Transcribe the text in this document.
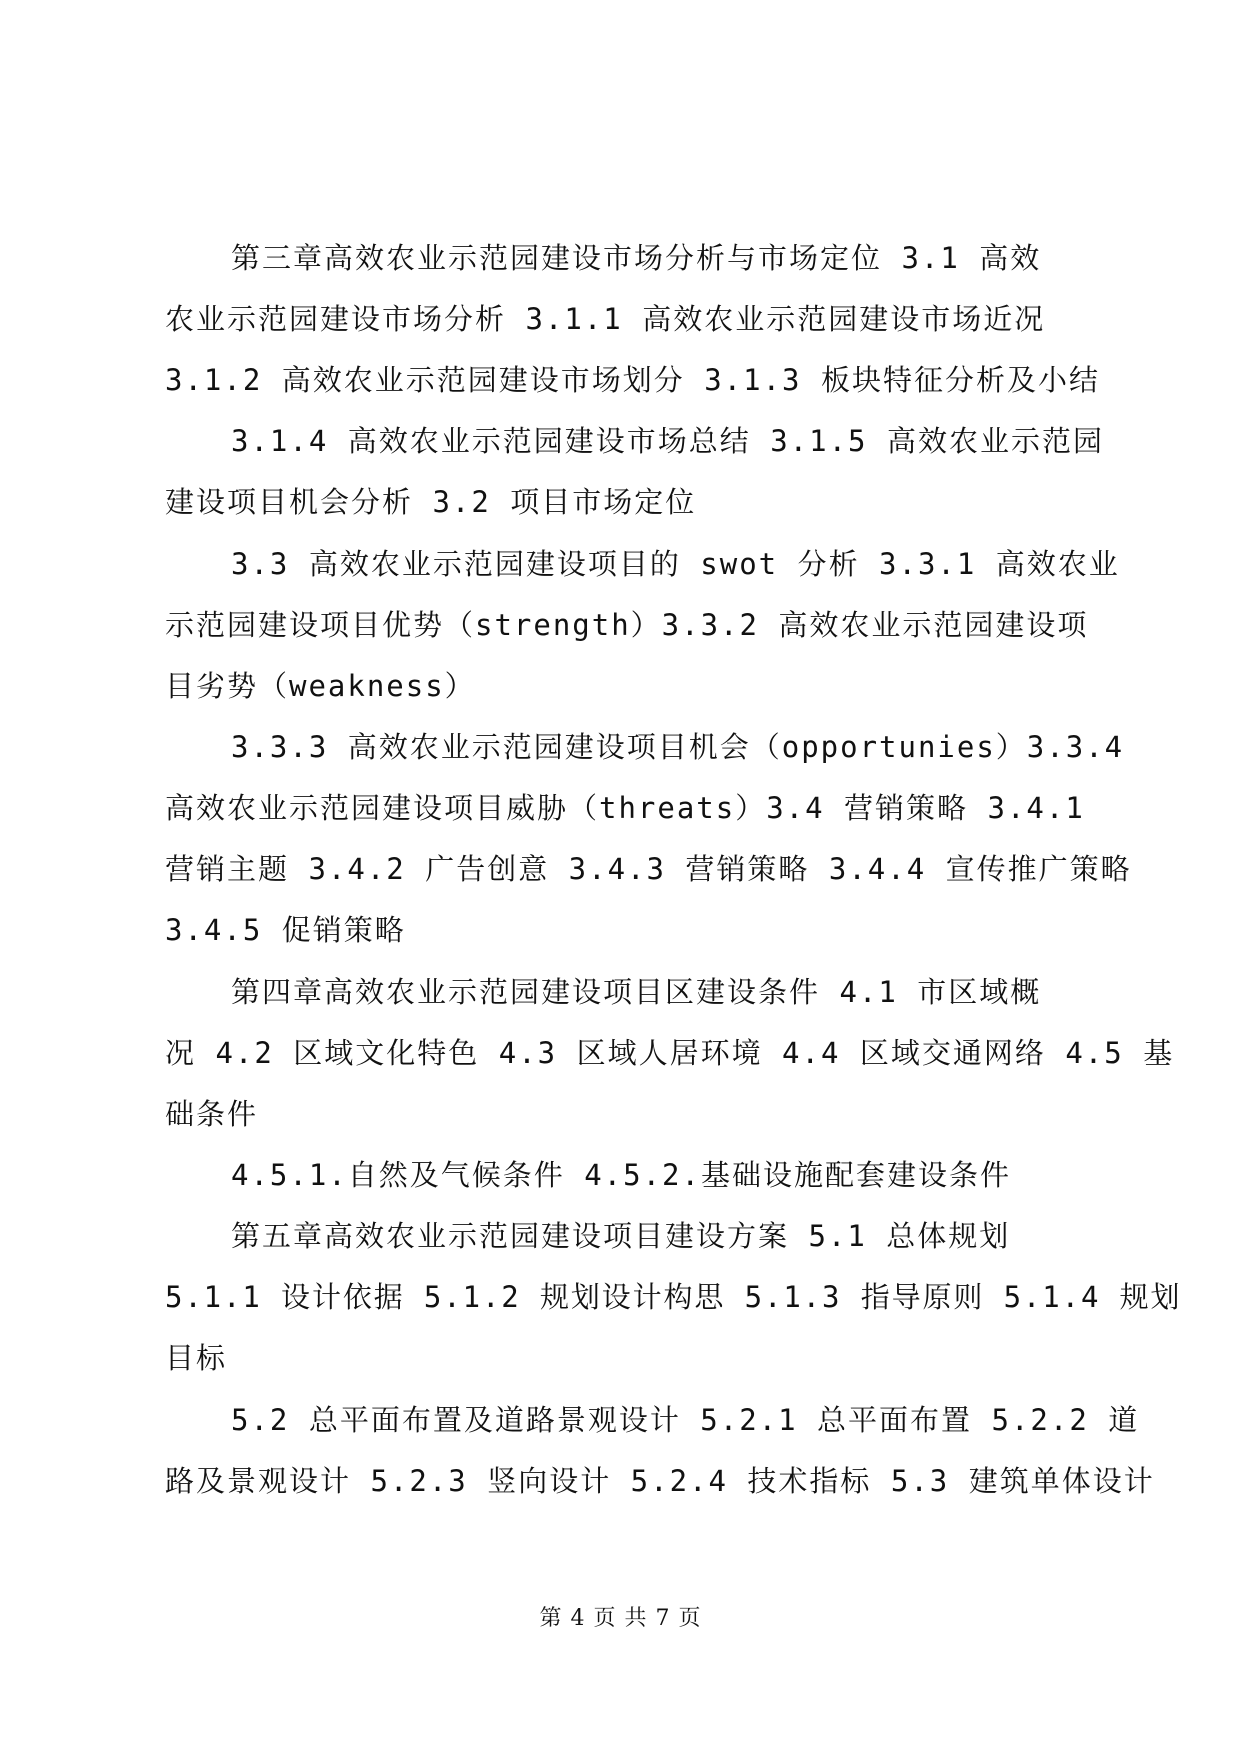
第三章高效农业示范园建设市场分析与市场定位 3.1 高效
农业示范园建设市场分析 3.1.1 高效农业示范园建设市场近况
3.1.2 高效农业示范园建设市场划分 3.1.3 板块特征分析及小结
3.1.4 高效农业示范园建设市场总结 3.1.5 高效农业示范园
建设项目机会分析 3.2 项目市场定位
3.3 高效农业示范园建设项目的 swot 分析 3.3.1 高效农业
示范园建设项目优势（strength）3.3.2 高效农业示范园建设项
目劣势（weakness）
3.3.3 高效农业示范园建设项目机会（opportunies）3.3.4
高效农业示范园建设项目威胁（threats）3.4 营销策略 3.4.1
营销主题 3.4.2 广告创意 3.4.3 营销策略 3.4.4 宣传推广策略
3.4.5 促销策略
第四章高效农业示范园建设项目区建设条件 4.1 市区域概
况 4.2 区域文化特色 4.3 区域人居环境 4.4 区域交通网络 4.5 基
础条件
4.5.1.自然及气候条件 4.5.2.基础设施配套建设条件
第五章高效农业示范园建设项目建设方案 5.1 总体规划
5.1.1 设计依据 5.1.2 规划设计构思 5.1.3 指导原则 5.1.4 规划
目标
5.2 总平面布置及道路景观设计 5.2.1 总平面布置 5.2.2 道
路及景观设计 5.2.3 竖向设计 5.2.4 技术指标 5.3 建筑单体设计
第 4 页 共 7 页
